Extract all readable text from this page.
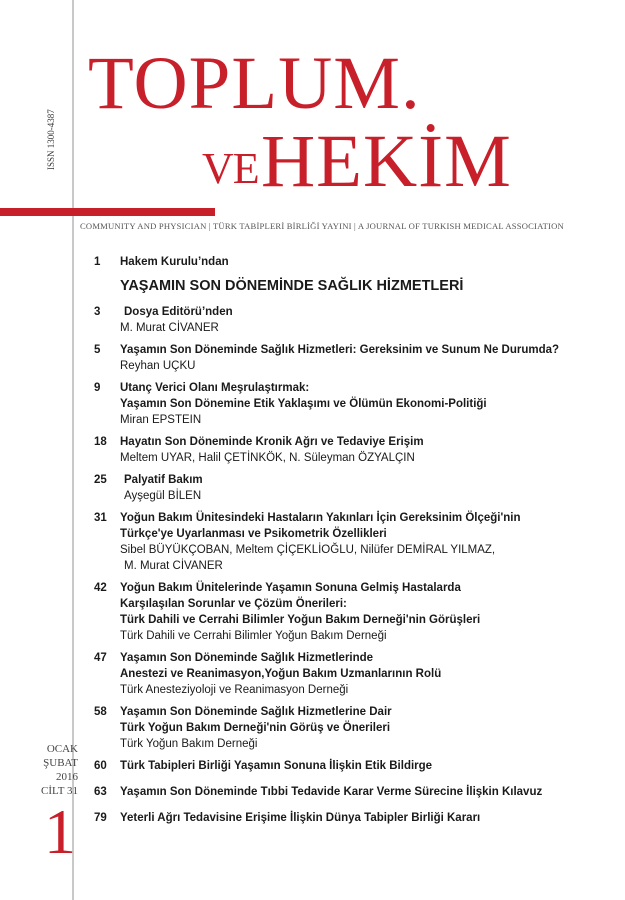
TOPLUM.
VE HEKİM
ISSN 1300-4387
COMMUNITY AND PHYSICIAN | TÜRK TABİPLERİ BİRLİĞİ YAYINI | A JOURNAL OF TURKISH MEDICAL ASSOCIATION
1	Hakem Kurulu’ndan
YAŞAMIN SON DÖNEMİNDE SAĞLIK HİZMETLERİ
3	Dosya Editörü’nden
M. Murat CİVANER
5	Yaşamın Son Döneminde Sağlık Hizmetleri: Gereksinim ve Sunum Ne Durumda?
Reyhan UÇKU
9	Utanç Verici Olanı Meşrulaştırmak:
Yaşamın Son Dönemine Etik Yaklaşımı ve Ölümün Ekonomi-Politiği
Miran EPSTEIN
18	Hayatın Son Döneminde Kronik Ağrı ve Tedaviye Erişim
Meltem UYAR, Halil ÇETİNKÖK, N. Süleyman ÖZYALÇIN
25	Palyatif Bakım
Ayşegül BİLEN
31	Yoğun Bakım Ünitesindeki Hastaların Yakınları İçin Gereksinim Ölçeği'nin
Türkçe'ye Uyarlanması ve Psikometrik Özellikleri
Sibel BÜYÜKÇOBAN, Meltem ÇİÇEKLİOĞLU, Nilüfer DEMİRAL YILMAZ,
M. Murat CİVANER
42	Yoğun Bakım Ünitelerinde Yaşamın Sonuna Gelmiş Hastalarda
Karşılaşılan Sorunlar ve Çözüm Önerileri:
Türk Dahili ve Cerrahi Bilimler Yoğun Bakım Derneği'nin Görüşleri
Türk Dahili ve Cerrahi Bilimler Yoğun Bakım Derneği
47	Yaşamın Son Döneminde Sağlık Hizmetlerinde
Anestezi ve Reanimasyon,Yoğun Bakım Uzmanlarının Rolü
Türk Anesteziyoloji ve Reanimasyon Derneği
58	Yaşamın Son Döneminde Sağlık Hizmetlerine Dair
Türk Yoğun Bakım Derneği'nin Görüş ve Önerileri
Türk Yoğun Bakım Derneği
60	Türk Tabipleri Birliği Yaşamın Sonuna İlişkin Etik Bildirge
63	Yaşamın Son Döneminde Tıbbi Tedavide Karar Verme Sürecine İlişkin Kılavuz
79	Yeterli Ağrı Tedavisine Erişime İlişkin Dünya Tabipler Birliği Kararı
OCAK
ŞUBAT
2016
CİLT 31
1
